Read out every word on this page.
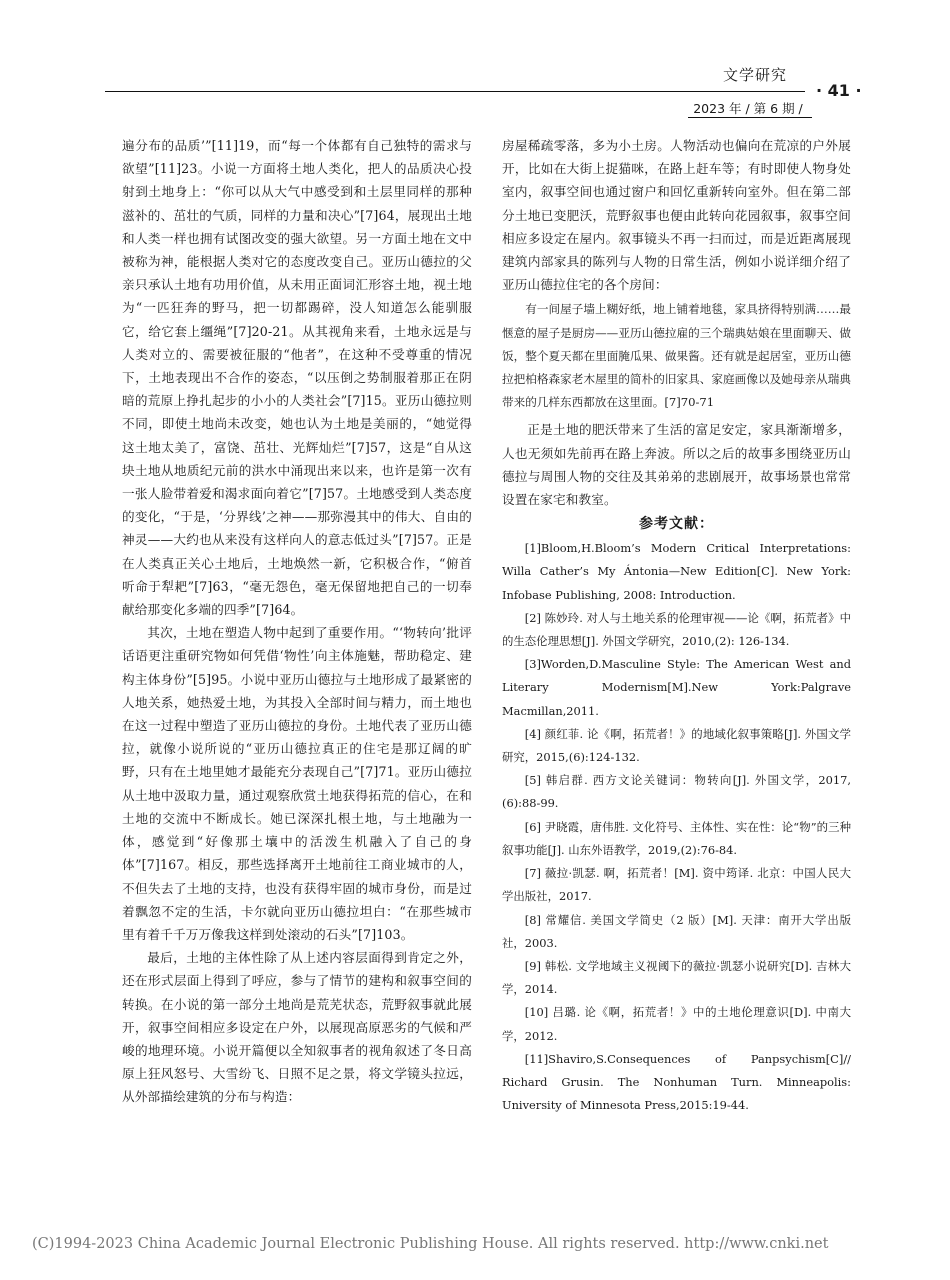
文学研究
· 41 ·
2023 年 / 第 6 期 /

遍分布的品质’”[11]19，而“每一个体都有自己独特的需求与欲望”[11]23。小说一方面将土地人类化，把人的品质决心投射到土地身上：“你可以从大气中感受到和土层里同样的那种滋补的、茁壮的气质，同样的力量和决心”[7]64，展现出土地和人类一样也拥有试图改变的强大欲望。另一方面土地在文中被称为神，能根据人类对它的态度改变自己。亚历山德拉的父亲只承认土地有功用价值，从未用正面词汇形容土地，视土地为“一匹狂奔的野马，把一切都踢碎，没人知道怎么能驯服它，给它套上缰绳”[7]20-21。从其视角来看，土地永远是与人类对立的、需要被征服的“他者”，在这种不受尊重的情况下，土地表现出不合作的姿态，“以压倒之势制服着那正在阴暗的荒原上挣扎起步的小小的人类社会”[7]15。亚历山德拉则不同，即使土地尚未改变，她也认为土地是美丽的，“她觉得这土地太美了，富饶、茁壮、光辉灿烂”[7]57，这是“自从这块土地从地质纪元前的洪水中涌现出来以来，也许是第一次有一张人脸带着爱和渴求面向着它”[7]57。土地感受到人类态度的变化，“于是，‘分界线’之神——那弥漫其中的伟大、自由的神灵——大约也从来没有这样向人的意志低过头”[7]57。正是在人类真正关心土地后，土地焕然一新，它积极合作，“俯首听命于犁耙”[7]63，“毫无怨色，毫无保留地把自己的一切奉献给那变化多端的四季”[7]64。

其次，土地在塑造人物中起到了重要作用。“‘物转向’批评话语更注重研究物如何凭借‘物性’向主体施魅，帮助稳定、建构主体身份”[5]95。小说中亚历山德拉与土地形成了最紧密的人地关系，她热爱土地，为其投入全部时间与精力，而土地也在这一过程中塑造了亚历山德拉的身份。土地代表了亚历山德拉，就像小说所说的“亚历山德拉真正的住宅是那辽阔的旷野，只有在土地里她才最能充分表现自己”[7]71。亚历山德拉从土地中汲取力量，通过观察欣赏土地获得拓荒的信心，在和土地的交流中不断成长。她已深深扎根土地，与土地融为一体，感觉到“好像那土壤中的活泼生机融入了自己的身体”[7]167。相反，那些选择离开土地前往工商业城市的人，不但失去了土地的支持，也没有获得牢固的城市身份，而是过着飘忽不定的生活，卡尔就向亚历山德拉坦白：“在那些城市里有着千千万万像我这样到处滚动的石头”[7]103。

最后，土地的主体性除了从上述内容层面得到肯定之外，还在形式层面上得到了呼应，参与了情节的建构和叙事空间的转换。在小说的第一部分土地尚是荒芜状态，荒野叙事就此展开，叙事空间相应多设定在户外，以展现高原恶劣的气候和严峻的地理环境。小说开篇便以全知叙事者的视角叙述了冬日高原上狂风怒号、大雪纷飞、日照不足之景，将文学镜头拉远，从外部描绘建筑的分布与构造：

房屋稀疏零落，多为小土房。人物活动也偏向在荒凉的户外展开，比如在大街上捉猫咪，在路上赶车等；有时即使人物身处室内，叙事空间也通过窗户和回忆重新转向室外。但在第二部分土地已变肥沃，荒野叙事也便由此转向花园叙事，叙事空间相应多设定在屋内。叙事镜头不再一扫而过，而是近距离展现建筑内部家具的陈列与人物的日常生活，例如小说详细介绍了亚历山德拉住宅的各个房间：

有一间屋子墙上糊好纸，地上铺着地毯，家具挤得特别满……最惬意的屋子是厨房——亚历山德拉雇的三个瑞典姑娘在里面聊天、做饭，整个夏天都在里面腌瓜果、做果酱。还有就是起居室，亚历山德拉把柏格森家老木屋里的简朴的旧家具、家庭画像以及她母亲从瑞典带来的几样东西都放在这里面。[7]70-71

正是土地的肥沃带来了生活的富足安定，家具渐渐增多，人也无须如先前再在路上奔波。所以之后的故事多围绕亚历山德拉与周围人物的交往及其弟弟的悲剧展开，故事场景也常常设置在家宅和教室。

参考文献：

[1]Bloom,H.Bloom’s Modern Critical Interpretations: Willa Cather’s My Ántonia—New Edition[C]. New York: Infobase Publishing, 2008: Introduction.

[2] 陈妙玲. 对人与土地关系的伦理审视——论《啊，拓荒者》中的生态伦理思想[J]. 外国文学研究，2010,(2): 126-134.

[3]Worden,D.Masculine Style: The American West and Literary Modernism[M].New York:Palgrave Macmillan,2011.

[4] 颜红菲. 论《啊，拓荒者！》的地域化叙事策略[J]. 外国文学研究，2015,(6):124-132.

[5] 韩启群. 西方文论关键词：物转向[J]. 外国文学，2017,(6):88-99.

[6] 尹晓霞，唐伟胜. 文化符号、主体性、实在性：论“物”的三种叙事功能[J]. 山东外语教学，2019,(2):76-84.

[7] 薇拉·凯瑟. 啊，拓荒者！[M]. 资中筠译. 北京：中国人民大学出版社，2017.

[8] 常耀信. 美国文学简史（2 版）[M]. 天津：南开大学出版社，2003.

[9] 韩松. 文学地域主义视阈下的薇拉·凯瑟小说研究[D]. 吉林大学，2014.

[10] 吕璐. 论《啊，拓荒者！》中的土地伦理意识[D]. 中南大学，2012.

[11]Shaviro,S.Consequences of Panpsychism[C]// Richard Grusin. The Nonhuman Turn. Minneapolis: University of Minnesota Press,2015:19-44.

(C)1994-2023 China Academic Journal Electronic Publishing House. All rights reserved. http://www.cnki.net
